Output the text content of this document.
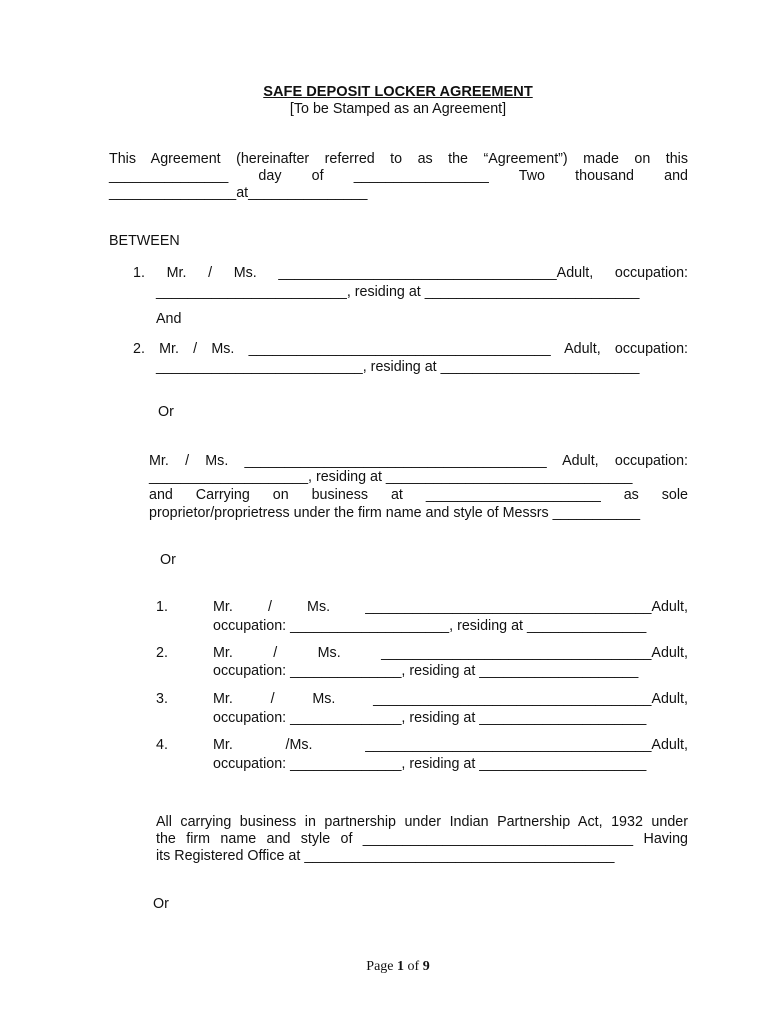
SAFE DEPOSIT LOCKER AGREEMENT
[To be Stamped as an Agreement]
This Agreement (hereinafter referred to as the “Agreement”) made on this
_______________ day of _________________ Two thousand and
________________at_______________
BETWEEN
1. Mr. / Ms. ___________________________________Adult, occupation:
________________________, residing at ___________________________
And
2. Mr. / Ms. ______________________________________ Adult, occupation:
__________________________, residing at _________________________
Or
Mr. / Ms. ______________________________________ Adult, occupation:
____________________, residing at _______________________________
and Carrying on business at ______________________ as sole
proprietor/proprietress under the firm name and style of Messrs ___________
Or
1.	Mr. / Ms. ____________________________________Adult,
occupation: ____________________, residing at _______________
2.	Mr. / Ms. __________________________________Adult,
occupation: ______________, residing at ____________________
3.	Mr. / Ms. ___________________________________Adult,
occupation: ______________, residing at _____________________
4.	Mr. /Ms. ____________________________________Adult,
occupation: ______________, residing at _____________________
All carrying business in partnership under Indian Partnership Act, 1932 under
the firm name and style of __________________________________ Having
its Registered Office at _______________________________________
Or
Page 1 of 9
